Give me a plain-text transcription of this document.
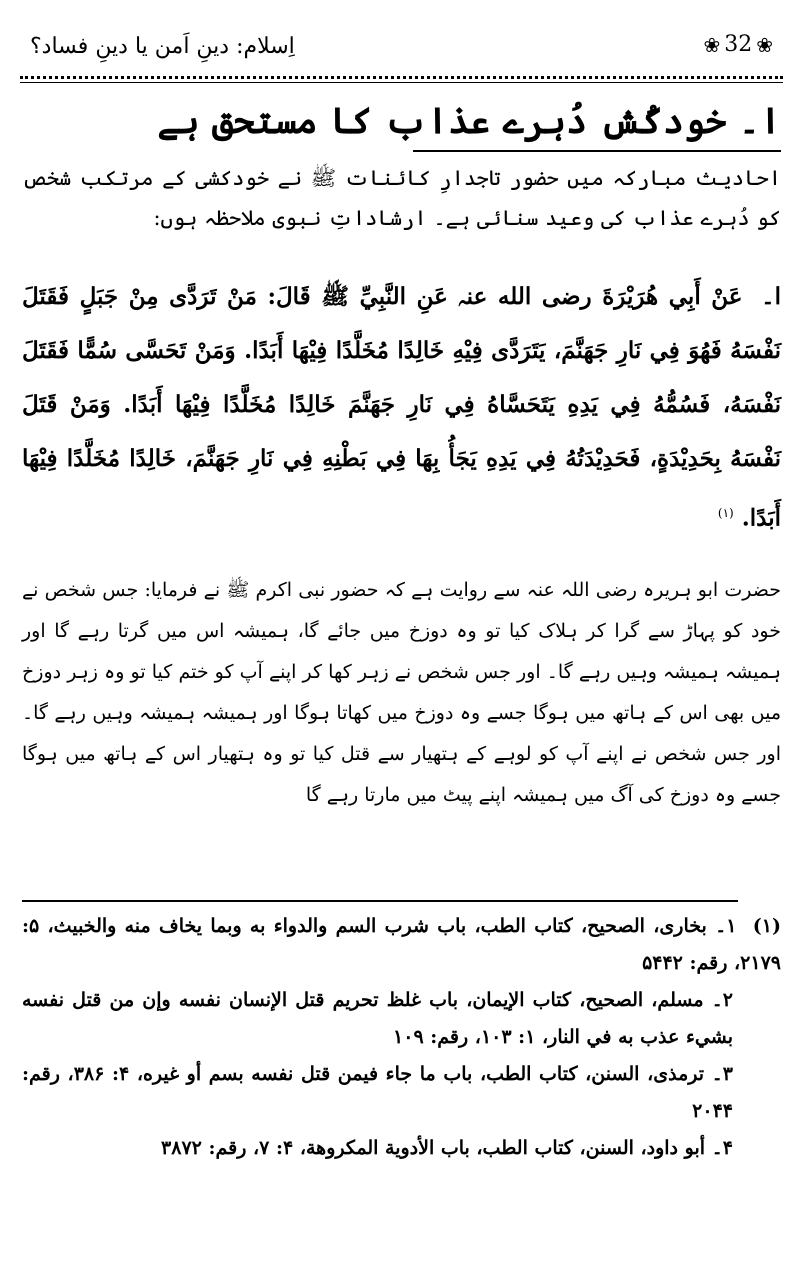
اِسلام: دینِ اَمن یا دینِ فساد؟	❀ 32 ❀
ا۔ خودکُش دُہرے عذاب کا مستحق ہے
احادیث مبارکہ میں حضور تاجدارِ کائنات ﷺ نے خودکشی کے مرتکب شخص کو دُہرے عذاب کی وعید سنائی ہے۔ ارشاداتِ نبوی ملاحظہ ہوں:
ا۔ عَنْ أَبِي هُرَيْرَةَ رضی الله عنہ عَنِ النَّبِيِّ ﷺ قَالَ: مَنْ تَرَدَّى مِنْ جَبَلٍ فَقَتَلَ نَفْسَهُ فَهُوَ فِي نَارِ جَهَنَّمَ، يَتَرَدَّى فِيْهِ خَالِدًا مُخَلَّدًا فِيْهَا أَبَدًا. وَمَنْ تَحَسَّى سُمًّا فَقَتَلَ نَفْسَهُ، فَسُمُّهُ فِي يَدِهِ يَتَحَسَّاهُ فِي نَارِ جَهَنَّمَ خَالِدًا مُخَلَّدًا فِيْهَا أَبَدًا. وَمَنْ قَتَلَ نَفْسَهُ بِحَدِيْدَةٍ، فَحَدِيْدَتُهُ فِي يَدِهِ يَجَأُ بِهَا فِي بَطْنِهِ فِي نَارِ جَهَنَّمَ، خَالِدًا مُخَلَّدًا فِيْهَا أَبَدًا. $^{(۱)}$
حضرت ابو ہریرہ رضی اللہ عنہ سے روایت ہے کہ حضور نبی اکرم ﷺ نے فرمایا: جس شخص نے خود کو پہاڑ سے گرا کر ہلاک کیا تو وہ دوزخ میں جائے گا، ہمیشہ اس میں گرتا رہے گا اور ہمیشہ ہمیشہ وہیں رہے گا۔ اور جس شخص نے زہر کھا کر اپنے آپ کو ختم کیا تو وہ زہر دوزخ میں بھی اس کے ہاتھ میں ہوگا جسے وہ دوزخ میں کھاتا ہوگا اور ہمیشہ ہمیشہ وہیں رہے گا۔ اور جس شخص نے اپنے آپ کو لوہے کے ہتھیار سے قتل کیا تو وہ ہتھیار اس کے ہاتھ میں ہوگا جسے وہ دوزخ کی آگ میں ہمیشہ اپنے پیٹ میں مارتا رہے گا
(۱) ۱۔ بخاری، الصحیح، کتاب الطب، باب شرب السم والدواء به وبما يخاف منه والخبيث، ۵: ۲۱۷۹، رقم: ۵۴۴۲
۲۔ مسلم، الصحیح، کتاب الإيمان، باب غلظ تحريم قتل الإنسان نفسه وإن من قتل نفسه بشيء عذب به في النار، ۱: ۱۰۳، رقم: ۱۰۹
۳۔ ترمذی، السنن، کتاب الطب، باب ما جاء فيمن قتل نفسه بسم أو غيره، ۴: ۳۸۶، رقم: ۲۰۴۴
۴۔ أبو داود، السنن، کتاب الطب، باب الأدوية المكروهة، ۴: ۷، رقم: ۳۸۷۲
